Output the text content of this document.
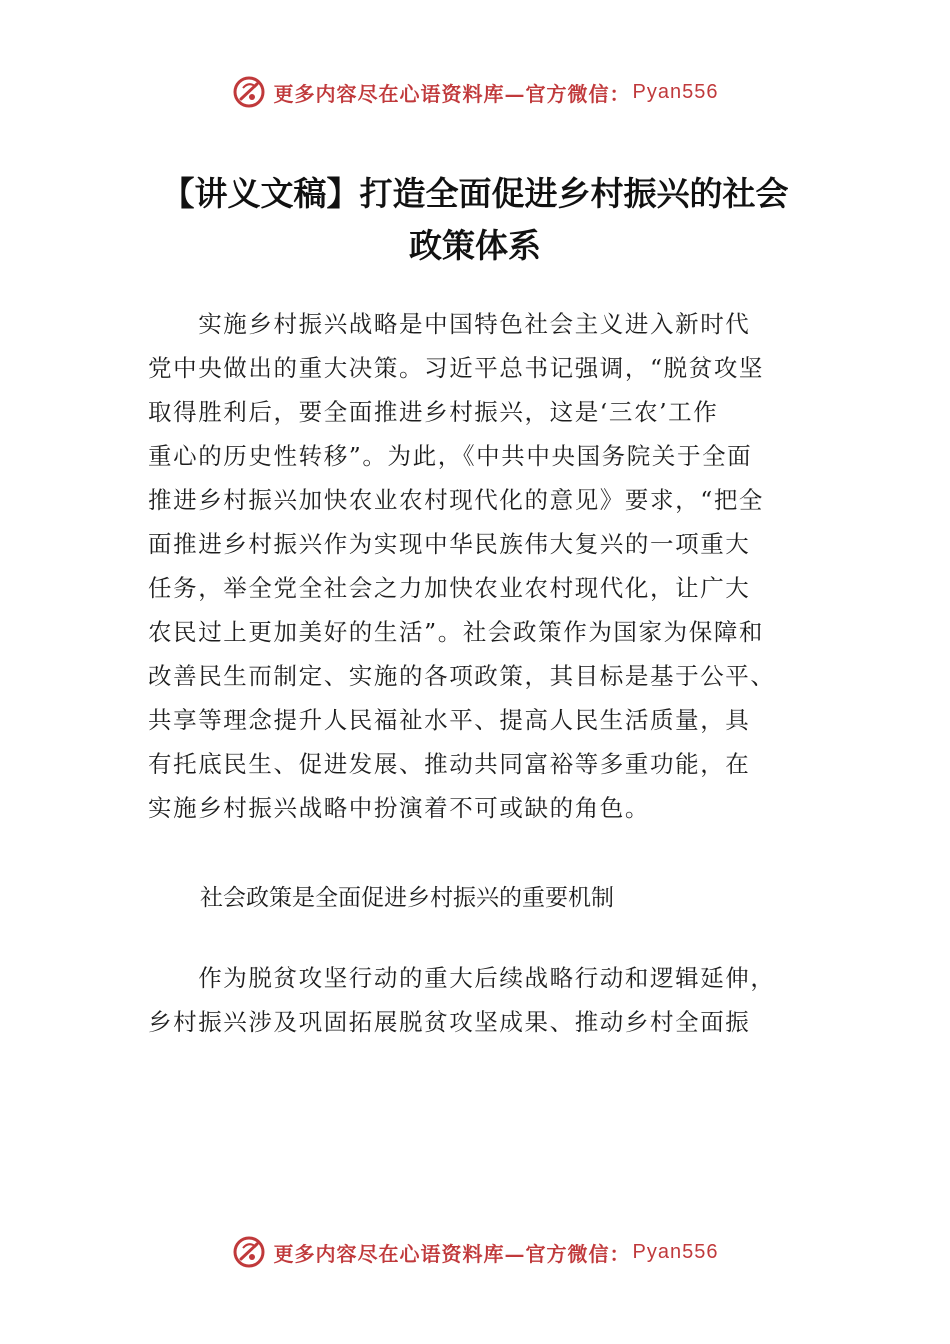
更多内容尽在心语资料库—官方微信： Pyan556
【讲义文稿】打造全面促进乡村振兴的社会
政策体系
　　实施乡村振兴战略是中国特色社会主义进入新时代
党中央做出的重大决策。习近平总书记强调，“脱贫攻坚
取得胜利后，要全面推进乡村振兴，这是‘三农’工作
重心的历史性转移”。为此，《中共中央国务院关于全面
推进乡村振兴加快农业农村现代化的意见》要求，“把全
面推进乡村振兴作为实现中华民族伟大复兴的一项重大
任务，举全党全社会之力加快农业农村现代化，让广大
农民过上更加美好的生活”。社会政策作为国家为保障和
改善民生而制定、实施的各项政策，其目标是基于公平、
共享等理念提升人民福祉水平、提高人民生活质量，具
有托底民生、促进发展、推动共同富裕等多重功能，在
实施乡村振兴战略中扮演着不可或缺的角色。
社会政策是全面促进乡村振兴的重要机制
　　作为脱贫攻坚行动的重大后续战略行动和逻辑延伸，
乡村振兴涉及巩固拓展脱贫攻坚成果、推动乡村全面振
更多内容尽在心语资料库—官方微信： Pyan556
